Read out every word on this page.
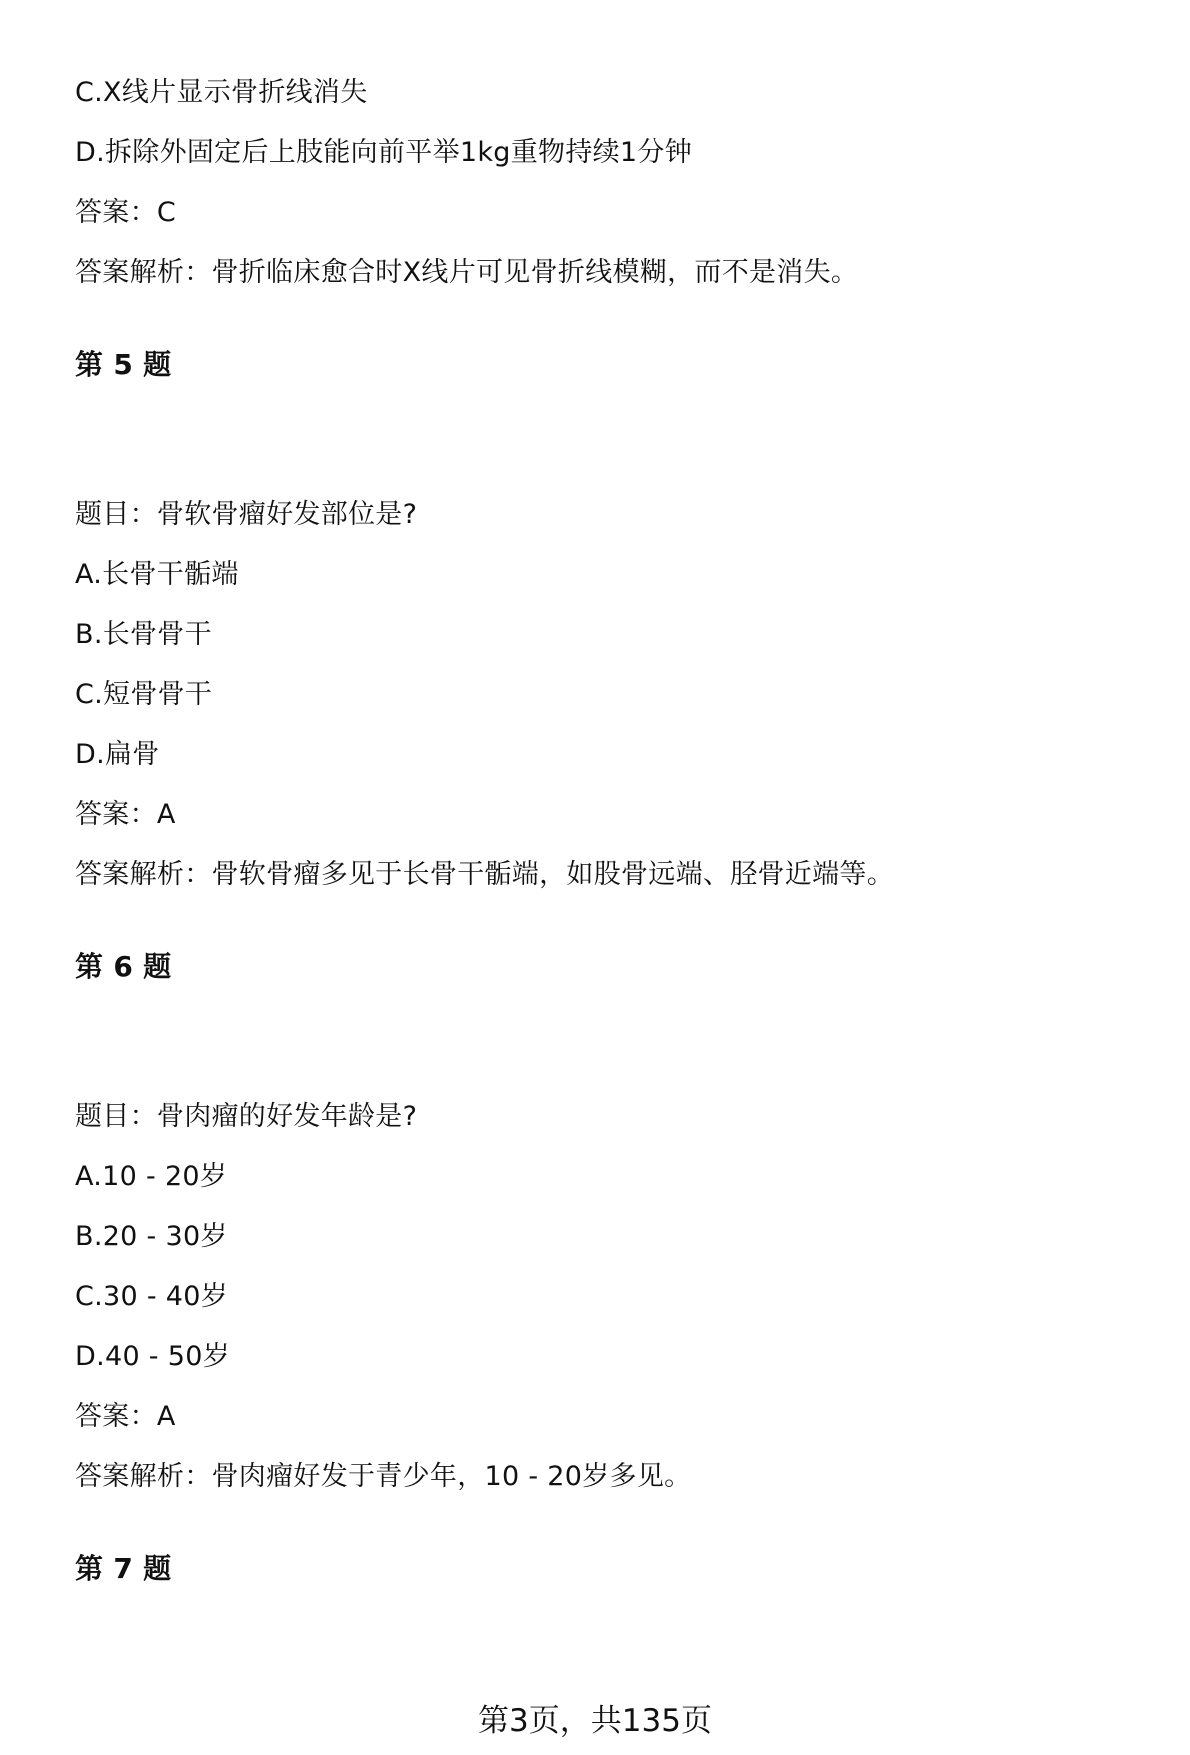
C.X线片显示骨折线消失
D.拆除外固定后上肢能向前平举1kg重物持续1分钟
答案：C
答案解析：骨折临床愈合时X线片可见骨折线模糊，而不是消失。
第 5 题
题目：骨软骨瘤好发部位是?
A.长骨干骺端
B.长骨骨干
C.短骨骨干
D.扁骨
答案：A
答案解析：骨软骨瘤多见于长骨干骺端，如股骨远端、胫骨近端等。
第 6 题
题目：骨肉瘤的好发年龄是?
A.10 - 20岁
B.20 - 30岁
C.30 - 40岁
D.40 - 50岁
答案：A
答案解析：骨肉瘤好发于青少年，10 - 20岁多见。
第 7 题
第3页，共135页
